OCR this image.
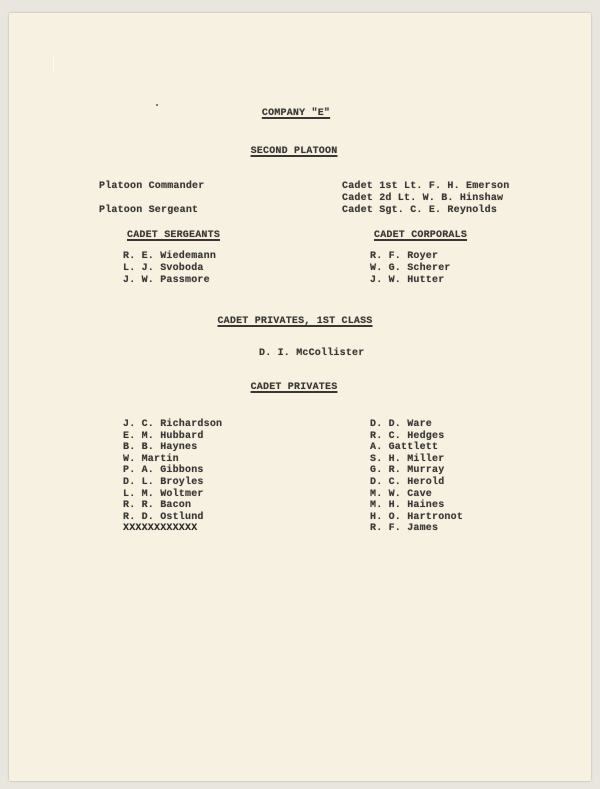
COMPANY "E"
SECOND PLATOON
Platoon Commander
Platoon Sergeant
Cadet 1st Lt. F. H. Emerson
Cadet 2d Lt. W. B. Hinshaw
Cadet Sgt. C. E. Reynolds
CADET SERGEANTS
R. E. Wiedemann
L. J. Svoboda
J. W. Passmore
CADET CORPORALS
R. F. Royer
W. G. Scherer
J. W. Hutter
CADET PRIVATES, 1ST CLASS
D. I. McCollister
CADET PRIVATES
J. C. Richardson
E. M. Hubbard
B. B. Haynes
W. Martin
P. A. Gibbons
D. L. Broyles
L. M. Woltmer
R. R. Bacon
R. D. Ostlund
XXXXXXXXXXXX
D. D. Ware
R. C. Hedges
A. Gattlett
S. H. Miller
G. R. Murray
D. C. Herold
M. W. Cave
M. H. Haines
H. O. Hartronot
R. F. James
